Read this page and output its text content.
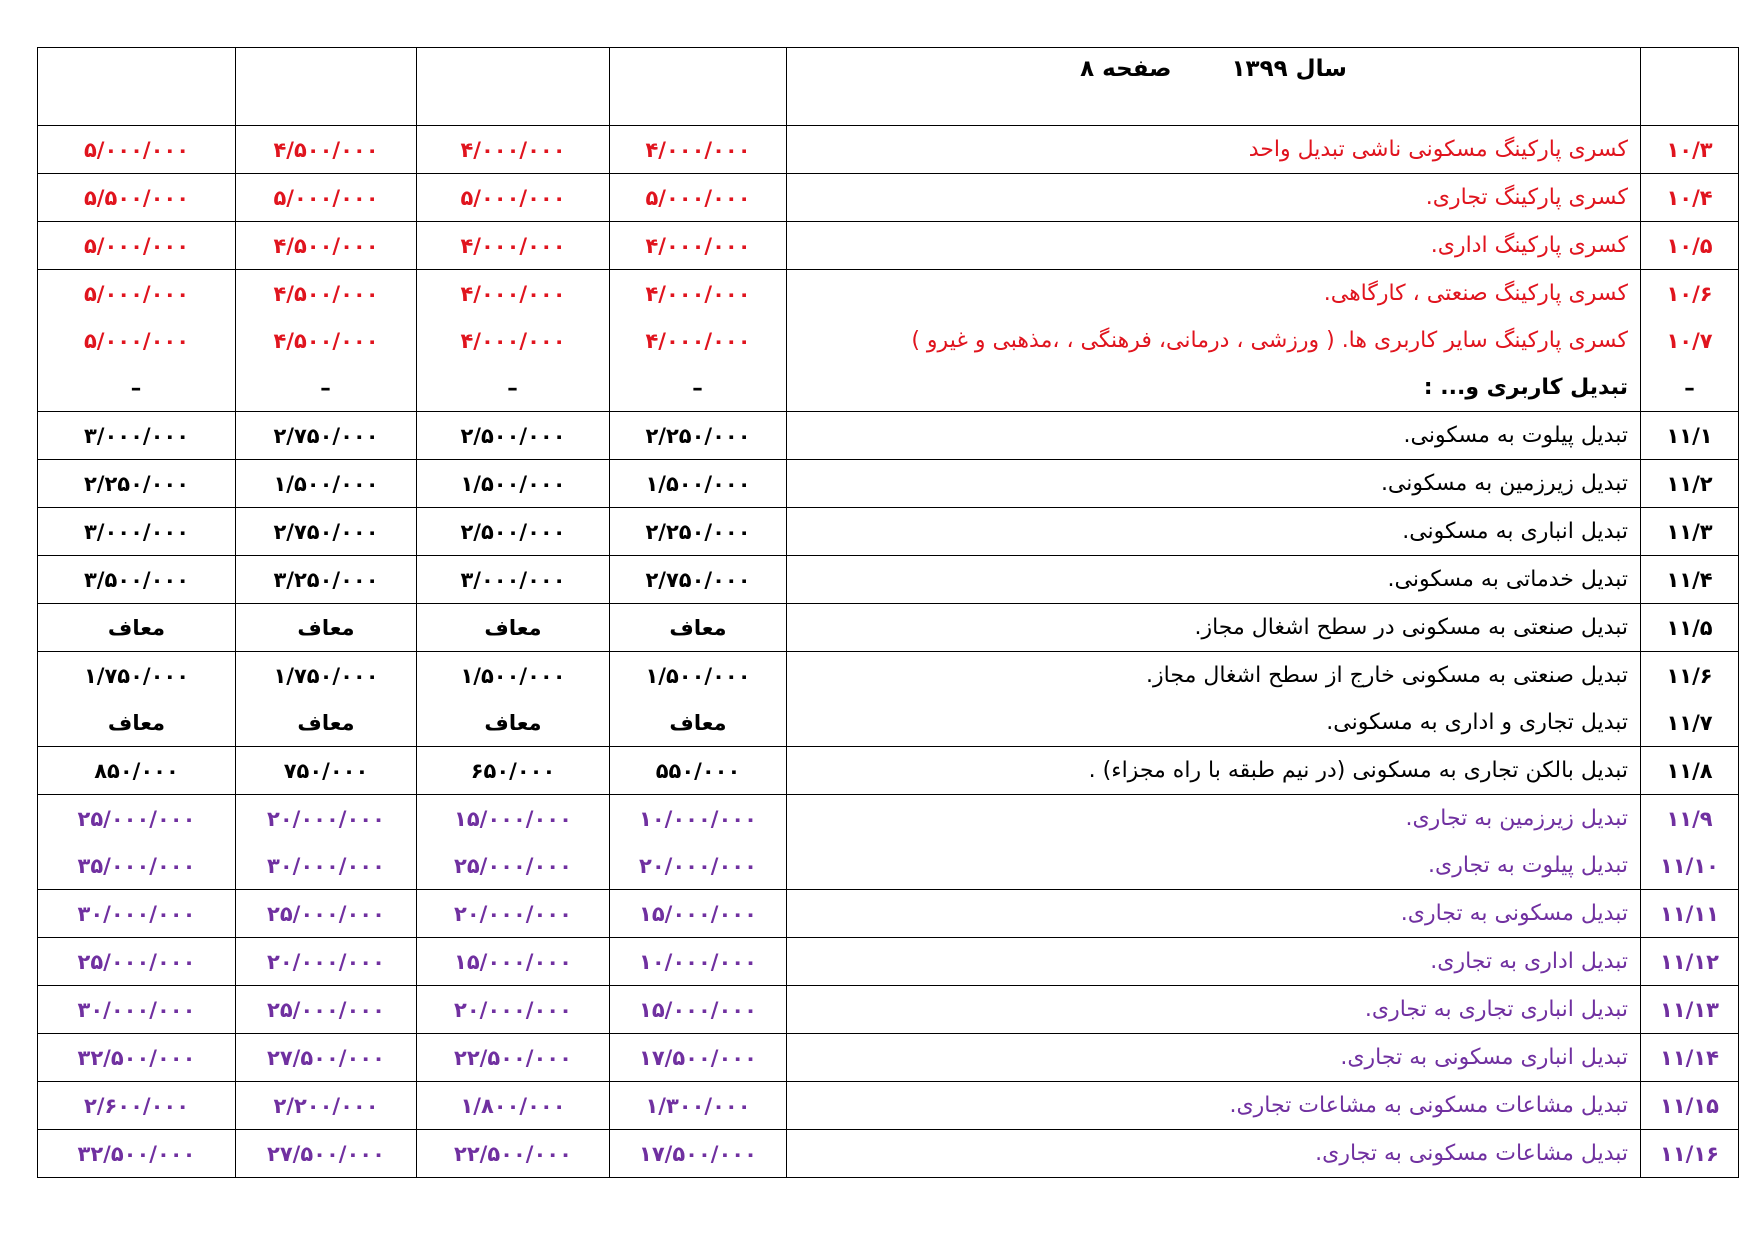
	سال ۱۳۹۹ صفحه ۸				
۱۰/۳	کسری پارکینگ مسکونی ناشی تبدیل واحد	۴/۰۰۰/۰۰۰	۴/۰۰۰/۰۰۰	۴/۵۰۰/۰۰۰	۵/۰۰۰/۰۰۰
۱۰/۴	کسری پارکینگ تجاری.	۵/۰۰۰/۰۰۰	۵/۰۰۰/۰۰۰	۵/۰۰۰/۰۰۰	۵/۵۰۰/۰۰۰
۱۰/۵	کسری پارکینگ اداری.	۴/۰۰۰/۰۰۰	۴/۰۰۰/۰۰۰	۴/۵۰۰/۰۰۰	۵/۰۰۰/۰۰۰
۱۰/۶	کسری پارکینگ صنعتی ، کارگاهی.	۴/۰۰۰/۰۰۰	۴/۰۰۰/۰۰۰	۴/۵۰۰/۰۰۰	۵/۰۰۰/۰۰۰
۱۰/۷	کسری پارکینگ سایر کاربری ها. ( ورزشی ، درمانی، فرهنگی ، ،مذهبی و غیرو )	۴/۰۰۰/۰۰۰	۴/۰۰۰/۰۰۰	۴/۵۰۰/۰۰۰	۵/۰۰۰/۰۰۰
–	تبدیل کاربری و... :	–	–	–	–
۱۱/۱	تبدیل پیلوت به مسکونی.	۲/۲۵۰/۰۰۰	۲/۵۰۰/۰۰۰	۲/۷۵۰/۰۰۰	۳/۰۰۰/۰۰۰
۱۱/۲	تبدیل زیرزمین به مسکونی.	۱/۵۰۰/۰۰۰	۱/۵۰۰/۰۰۰	۱/۵۰۰/۰۰۰	۲/۲۵۰/۰۰۰
۱۱/۳	تبدیل انباری به مسکونی.	۲/۲۵۰/۰۰۰	۲/۵۰۰/۰۰۰	۲/۷۵۰/۰۰۰	۳/۰۰۰/۰۰۰
۱۱/۴	تبدیل خدماتی به مسکونی.	۲/۷۵۰/۰۰۰	۳/۰۰۰/۰۰۰	۳/۲۵۰/۰۰۰	۳/۵۰۰/۰۰۰
۱۱/۵	تبدیل صنعتی به مسکونی در سطح اشغال مجاز.	معاف	معاف	معاف	معاف
۱۱/۶	تبدیل صنعتی به مسکونی خارج از سطح اشغال مجاز.	۱/۵۰۰/۰۰۰	۱/۵۰۰/۰۰۰	۱/۷۵۰/۰۰۰	۱/۷۵۰/۰۰۰
۱۱/۷	تبدیل تجاری و اداری به مسکونی.	معاف	معاف	معاف	معاف
۱۱/۸	تبدیل بالکن تجاری به مسکونی (در نیم طبقه با راه مجزاء) .	۵۵۰/۰۰۰	۶۵۰/۰۰۰	۷۵۰/۰۰۰	۸۵۰/۰۰۰
۱۱/۹	تبدیل زیرزمین به تجاری.	۱۰/۰۰۰/۰۰۰	۱۵/۰۰۰/۰۰۰	۲۰/۰۰۰/۰۰۰	۲۵/۰۰۰/۰۰۰
۱۱/۱۰	تبدیل پیلوت به تجاری.	۲۰/۰۰۰/۰۰۰	۲۵/۰۰۰/۰۰۰	۳۰/۰۰۰/۰۰۰	۳۵/۰۰۰/۰۰۰
۱۱/۱۱	تبدیل مسکونی به تجاری.	۱۵/۰۰۰/۰۰۰	۲۰/۰۰۰/۰۰۰	۲۵/۰۰۰/۰۰۰	۳۰/۰۰۰/۰۰۰
۱۱/۱۲	تبدیل اداری به تجاری.	۱۰/۰۰۰/۰۰۰	۱۵/۰۰۰/۰۰۰	۲۰/۰۰۰/۰۰۰	۲۵/۰۰۰/۰۰۰
۱۱/۱۳	تبدیل انباری تجاری به تجاری.	۱۵/۰۰۰/۰۰۰	۲۰/۰۰۰/۰۰۰	۲۵/۰۰۰/۰۰۰	۳۰/۰۰۰/۰۰۰
۱۱/۱۴	تبدیل انباری مسکونی به تجاری.	۱۷/۵۰۰/۰۰۰	۲۲/۵۰۰/۰۰۰	۲۷/۵۰۰/۰۰۰	۳۲/۵۰۰/۰۰۰
۱۱/۱۵	تبدیل مشاعات مسکونی به مشاعات تجاری.	۱/۳۰۰/۰۰۰	۱/۸۰۰/۰۰۰	۲/۲۰۰/۰۰۰	۲/۶۰۰/۰۰۰
۱۱/۱۶	تبدیل مشاعات مسکونی به تجاری.	۱۷/۵۰۰/۰۰۰	۲۲/۵۰۰/۰۰۰	۲۷/۵۰۰/۰۰۰	۳۲/۵۰۰/۰۰۰
